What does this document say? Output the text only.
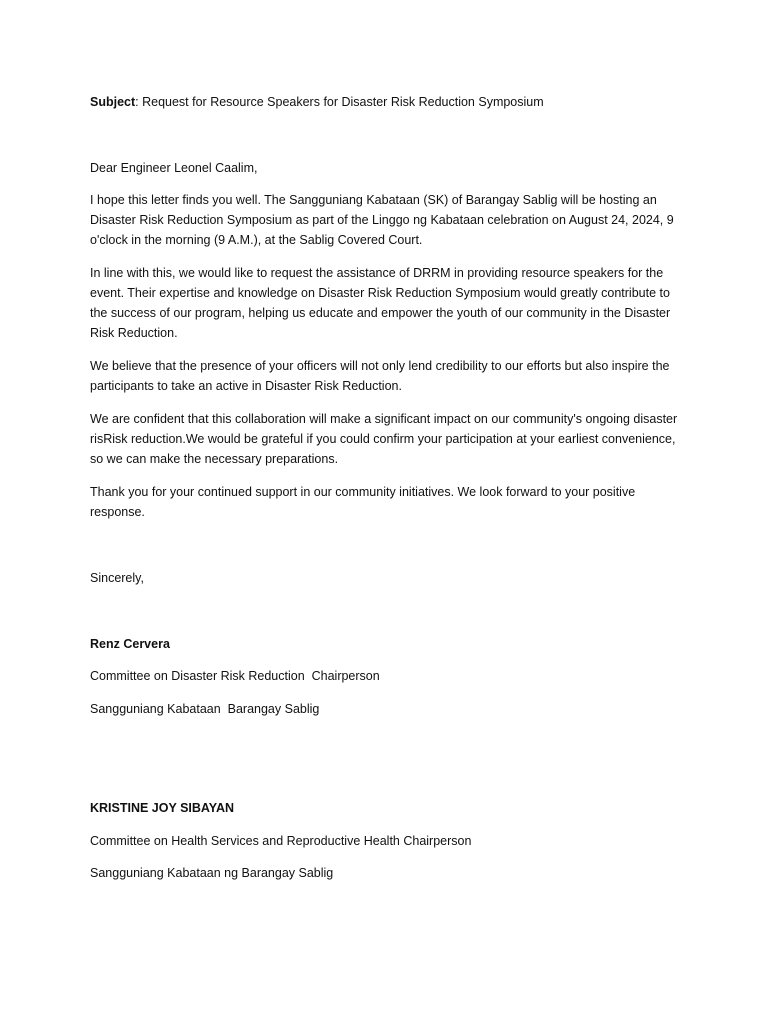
Subject: Request for Resource Speakers for Disaster Risk Reduction Symposium
Dear Engineer Leonel Caalim,
I hope this letter finds you well. The Sangguniang Kabataan (SK) of Barangay Sablig will be hosting an Disaster Risk Reduction Symposium as part of the Linggo ng Kabataan celebration on August 24, 2024, 9 o'clock in the morning (9 A.M.), at the Sablig Covered Court.
In line with this, we would like to request the assistance of DRRM in providing resource speakers for the event. Their expertise and knowledge on Disaster Risk Reduction Symposium would greatly contribute to the success of our program, helping us educate and empower the youth of our community in the Disaster Risk Reduction.
We believe that the presence of your officers will not only lend credibility to our efforts but also inspire the participants to take an active in Disaster Risk Reduction.
We are confident that this collaboration will make a significant impact on our community's ongoing disaster risRisk reduction.We would be grateful if you could confirm your participation at your earliest convenience, so we can make the necessary preparations.
Thank you for your continued support in our community initiatives. We look forward to your positive response.
Sincerely,
Renz Cervera
Committee on Disaster Risk Reduction  Chairperson
Sangguniang Kabataan  Barangay Sablig
KRISTINE JOY SIBAYAN
Committee on Health Services and Reproductive Health Chairperson
Sangguniang Kabataan ng Barangay Sablig
